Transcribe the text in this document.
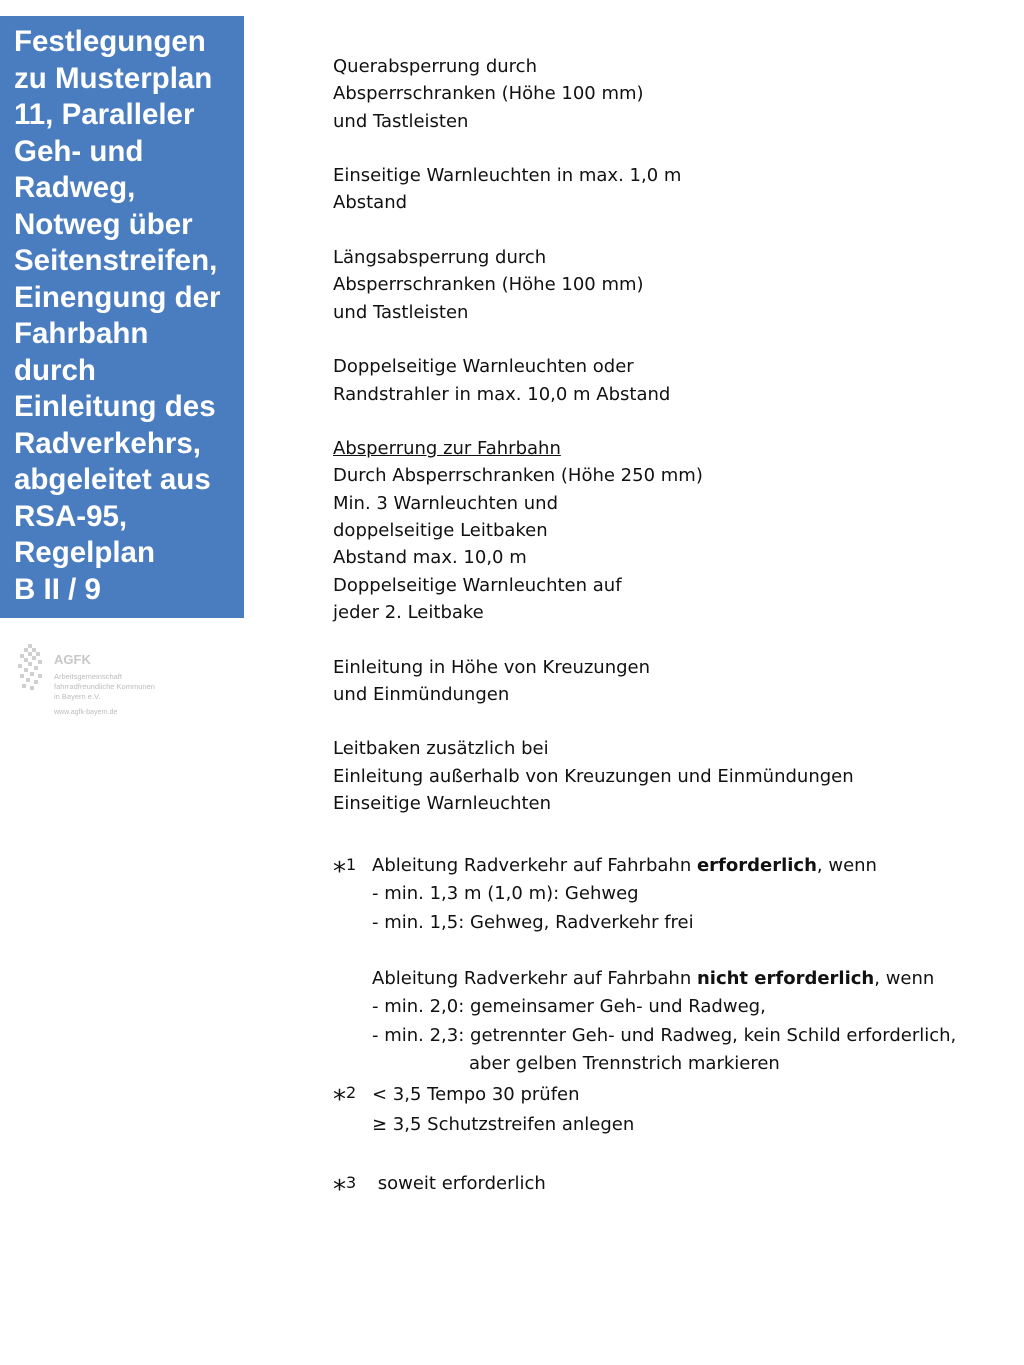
Festlegungen
zu Musterplan
11, Paralleler
Geh- und
Radweg,
Notweg über
Seitenstreifen,
Einengung der
Fahrbahn
durch
Einleitung des
Radverkehrs,
abgeleitet aus
RSA-95,
Regelplan
B II / 9
AGFK
Arbeitsgemeinschaft
fahrradfreundliche Kommunen
in Bayern e.V.
www.agfk-bayern.de
Querabsperrung durch
Absperrschranken (Höhe 100 mm)
und Tastleisten
Einseitige Warnleuchten in max. 1,0 m
Abstand
Längsabsperrung durch
Absperrschranken (Höhe 100 mm)
und Tastleisten
Doppelseitige Warnleuchten oder
Randstrahler in max. 10,0 m Abstand
Absperrung zur Fahrbahn
Durch Absperrschranken (Höhe 250 mm)
Min. 3 Warnleuchten und
doppelseitige Leitbaken
Abstand max. 10,0 m
Doppelseitige Warnleuchten auf
jeder 2. Leitbake
Einleitung in Höhe von Kreuzungen
und Einmündungen
Leitbaken zusätzlich bei
Einleitung außerhalb von Kreuzungen und Einmündungen
Einseitige Warnleuchten
*$^1$ Ableitung Radverkehr auf Fahrbahn erforderlich, wenn
- min. 1,3 m (1,0 m): Gehweg
- min. 1,5: Gehweg, Radverkehr frei

Ableitung Radverkehr auf Fahrbahn nicht erforderlich, wenn
- min. 2,0: gemeinsamer Geh- und Radweg,
- min. 2,3: getrennter Geh- und Radweg, kein Schild erforderlich,
aber gelben Trennstrich markieren
*$^2$ < 3,5 Tempo 30 prüfen
≥ 3,5 Schutzstreifen anlegen
*$^3$ soweit erforderlich
